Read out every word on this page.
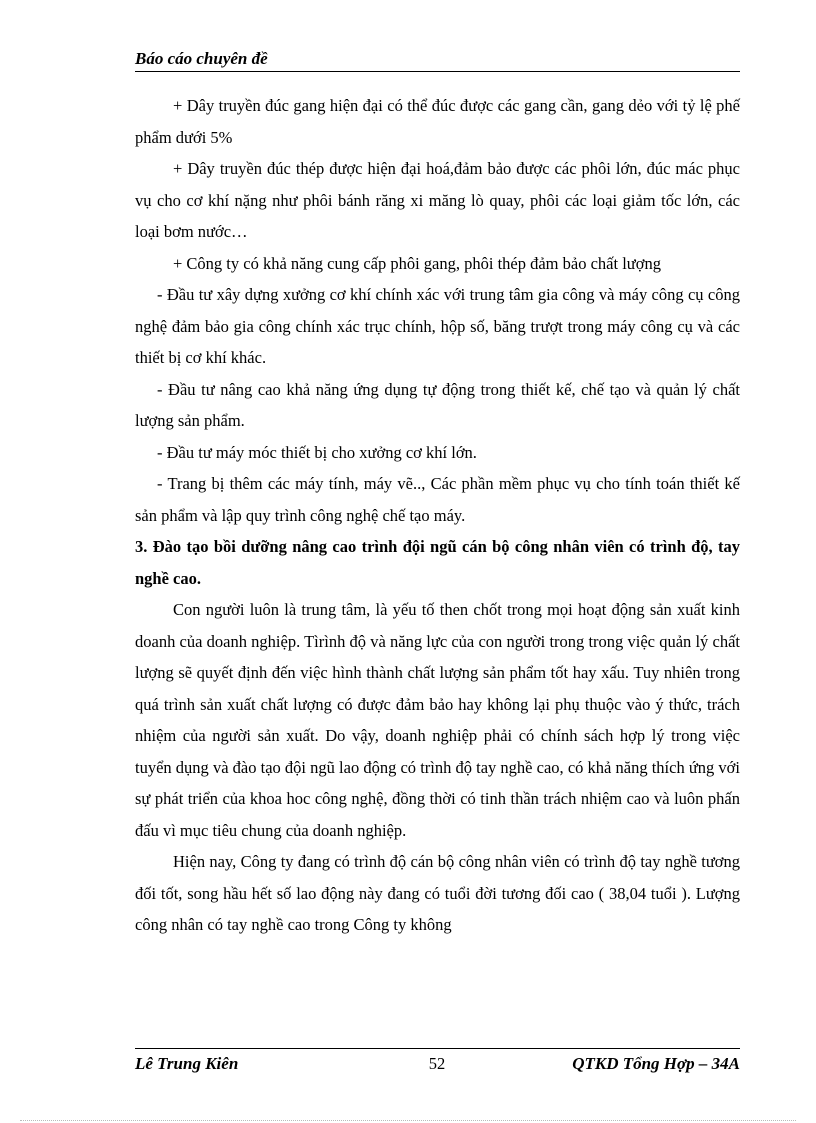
Báo cáo chuyên đề

+ Dây truyền đúc gang hiện đại có thể đúc được các gang cần, gang dẻo với tỷ lệ phế phẩm dưới 5%

+ Dây truyền đúc thép được hiện đại hoá,đảm bảo được các phôi lớn, đúc mác phục vụ cho cơ khí nặng như phôi bánh răng xi măng lò quay, phôi các loại giảm tốc lớn, các loại bơm nước…

+ Công ty có khả năng cung cấp phôi gang, phôi thép đảm bảo chất lượng

- Đầu tư xây dựng xưởng cơ khí chính xác với trung tâm gia công và máy công cụ công nghệ đảm bảo gia công chính xác trục chính, hộp số, băng trượt trong máy công cụ và các thiết bị cơ khí khác.

- Đầu tư nâng cao khả năng ứng dụng tự động trong thiết kế, chế tạo và quản lý chất lượng sản phẩm.

- Đầu tư máy móc thiết bị cho xưởng cơ khí lớn.

- Trang bị thêm các máy tính, máy vẽ.., Các phần mềm phục vụ cho tính toán thiết kế sản phẩm và lập quy trình công nghệ chế tạo máy.

3. Đào tạo bồi dưỡng nâng cao trình đội ngũ cán bộ công nhân viên có trình độ, tay nghề cao.

Con người luôn là trung tâm, là yếu tố then chốt trong mọi hoạt động sản xuất kinh doanh của doanh nghiệp. Tìrình độ và năng lực của con người trong trong việc quản lý chất lượng sẽ quyết định đến việc hình thành chất lượng sản phẩm tốt hay xấu. Tuy nhiên trong quá trình sản xuất chất lượng có được đảm bảo hay không lại phụ thuộc vào ý thức, trách nhiệm của người sản xuất. Do vậy, doanh nghiệp phải có chính sách hợp lý trong việc tuyển dụng và đào tạo đội ngũ lao động có trình độ tay nghề cao, có khả năng thích ứng với sự phát triển của khoa hoc công nghệ, đồng thời có tinh thần trách nhiệm cao và luôn phấn đấu vì mục tiêu chung của doanh nghiệp.

Hiện nay, Công ty đang có trình độ cán bộ công nhân viên có trình độ tay nghề tương đối tốt, song hầu hết số lao động này đang có tuổi đời tương đối cao ( 38,04 tuổi ). Lượng công nhân có tay nghề cao trong Công ty không

Lê Trung Kiên	52	QTKD Tổng Hợp – 34A
